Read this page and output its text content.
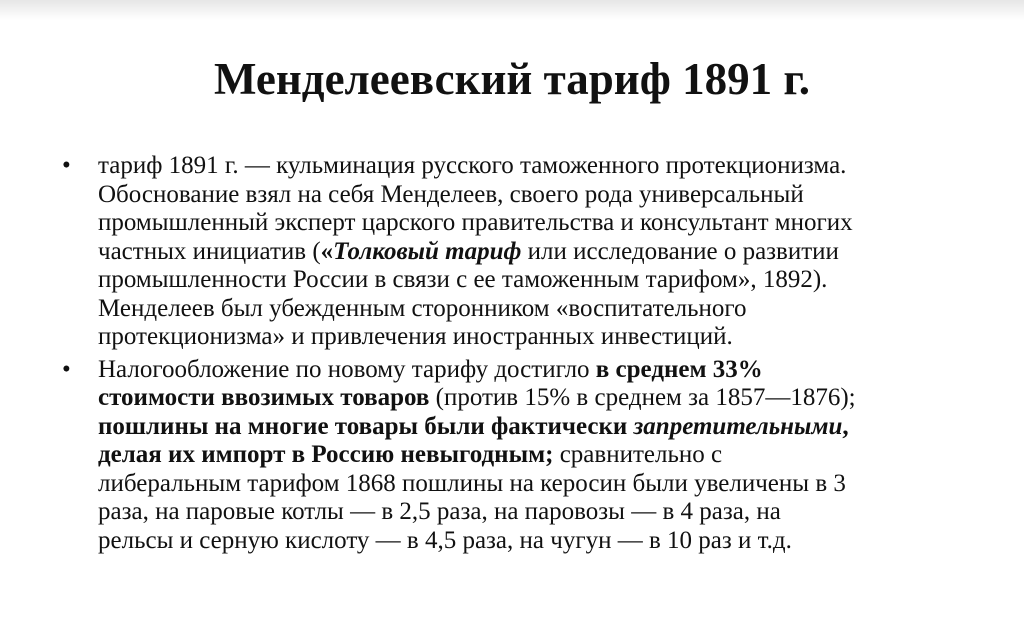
Менделеевский тариф 1891 г.
• тариф 1891 г. — кульминация русского таможенного протекционизма.
Обоснование взял на себя Менделеев, своего рода универсальный
промышленный эксперт царского правительства и консультант многих
частных инициатив («Толковый тариф или исследование о развитии
промышленности России в связи с ее таможенным тарифом», 1892).
Менделеев был убежденным сторонником «воспитательного
протекционизма» и привлечения иностранных инвестиций.
• Налогообложение по новому тарифу достигло в среднем 33%
стоимости ввозимых товаров (против 15% в среднем за 1857—1876);
пошлины на многие товары были фактически запретительными,
делая их импорт в Россию невыгодным; сравнительно с
либеральным тарифом 1868 пошлины на керосин были увеличены в 3
раза, на паровые котлы — в 2,5 раза, на паровозы — в 4 раза, на
рельсы и серную кислоту — в 4,5 раза, на чугун — в 10 раз и т.д.
